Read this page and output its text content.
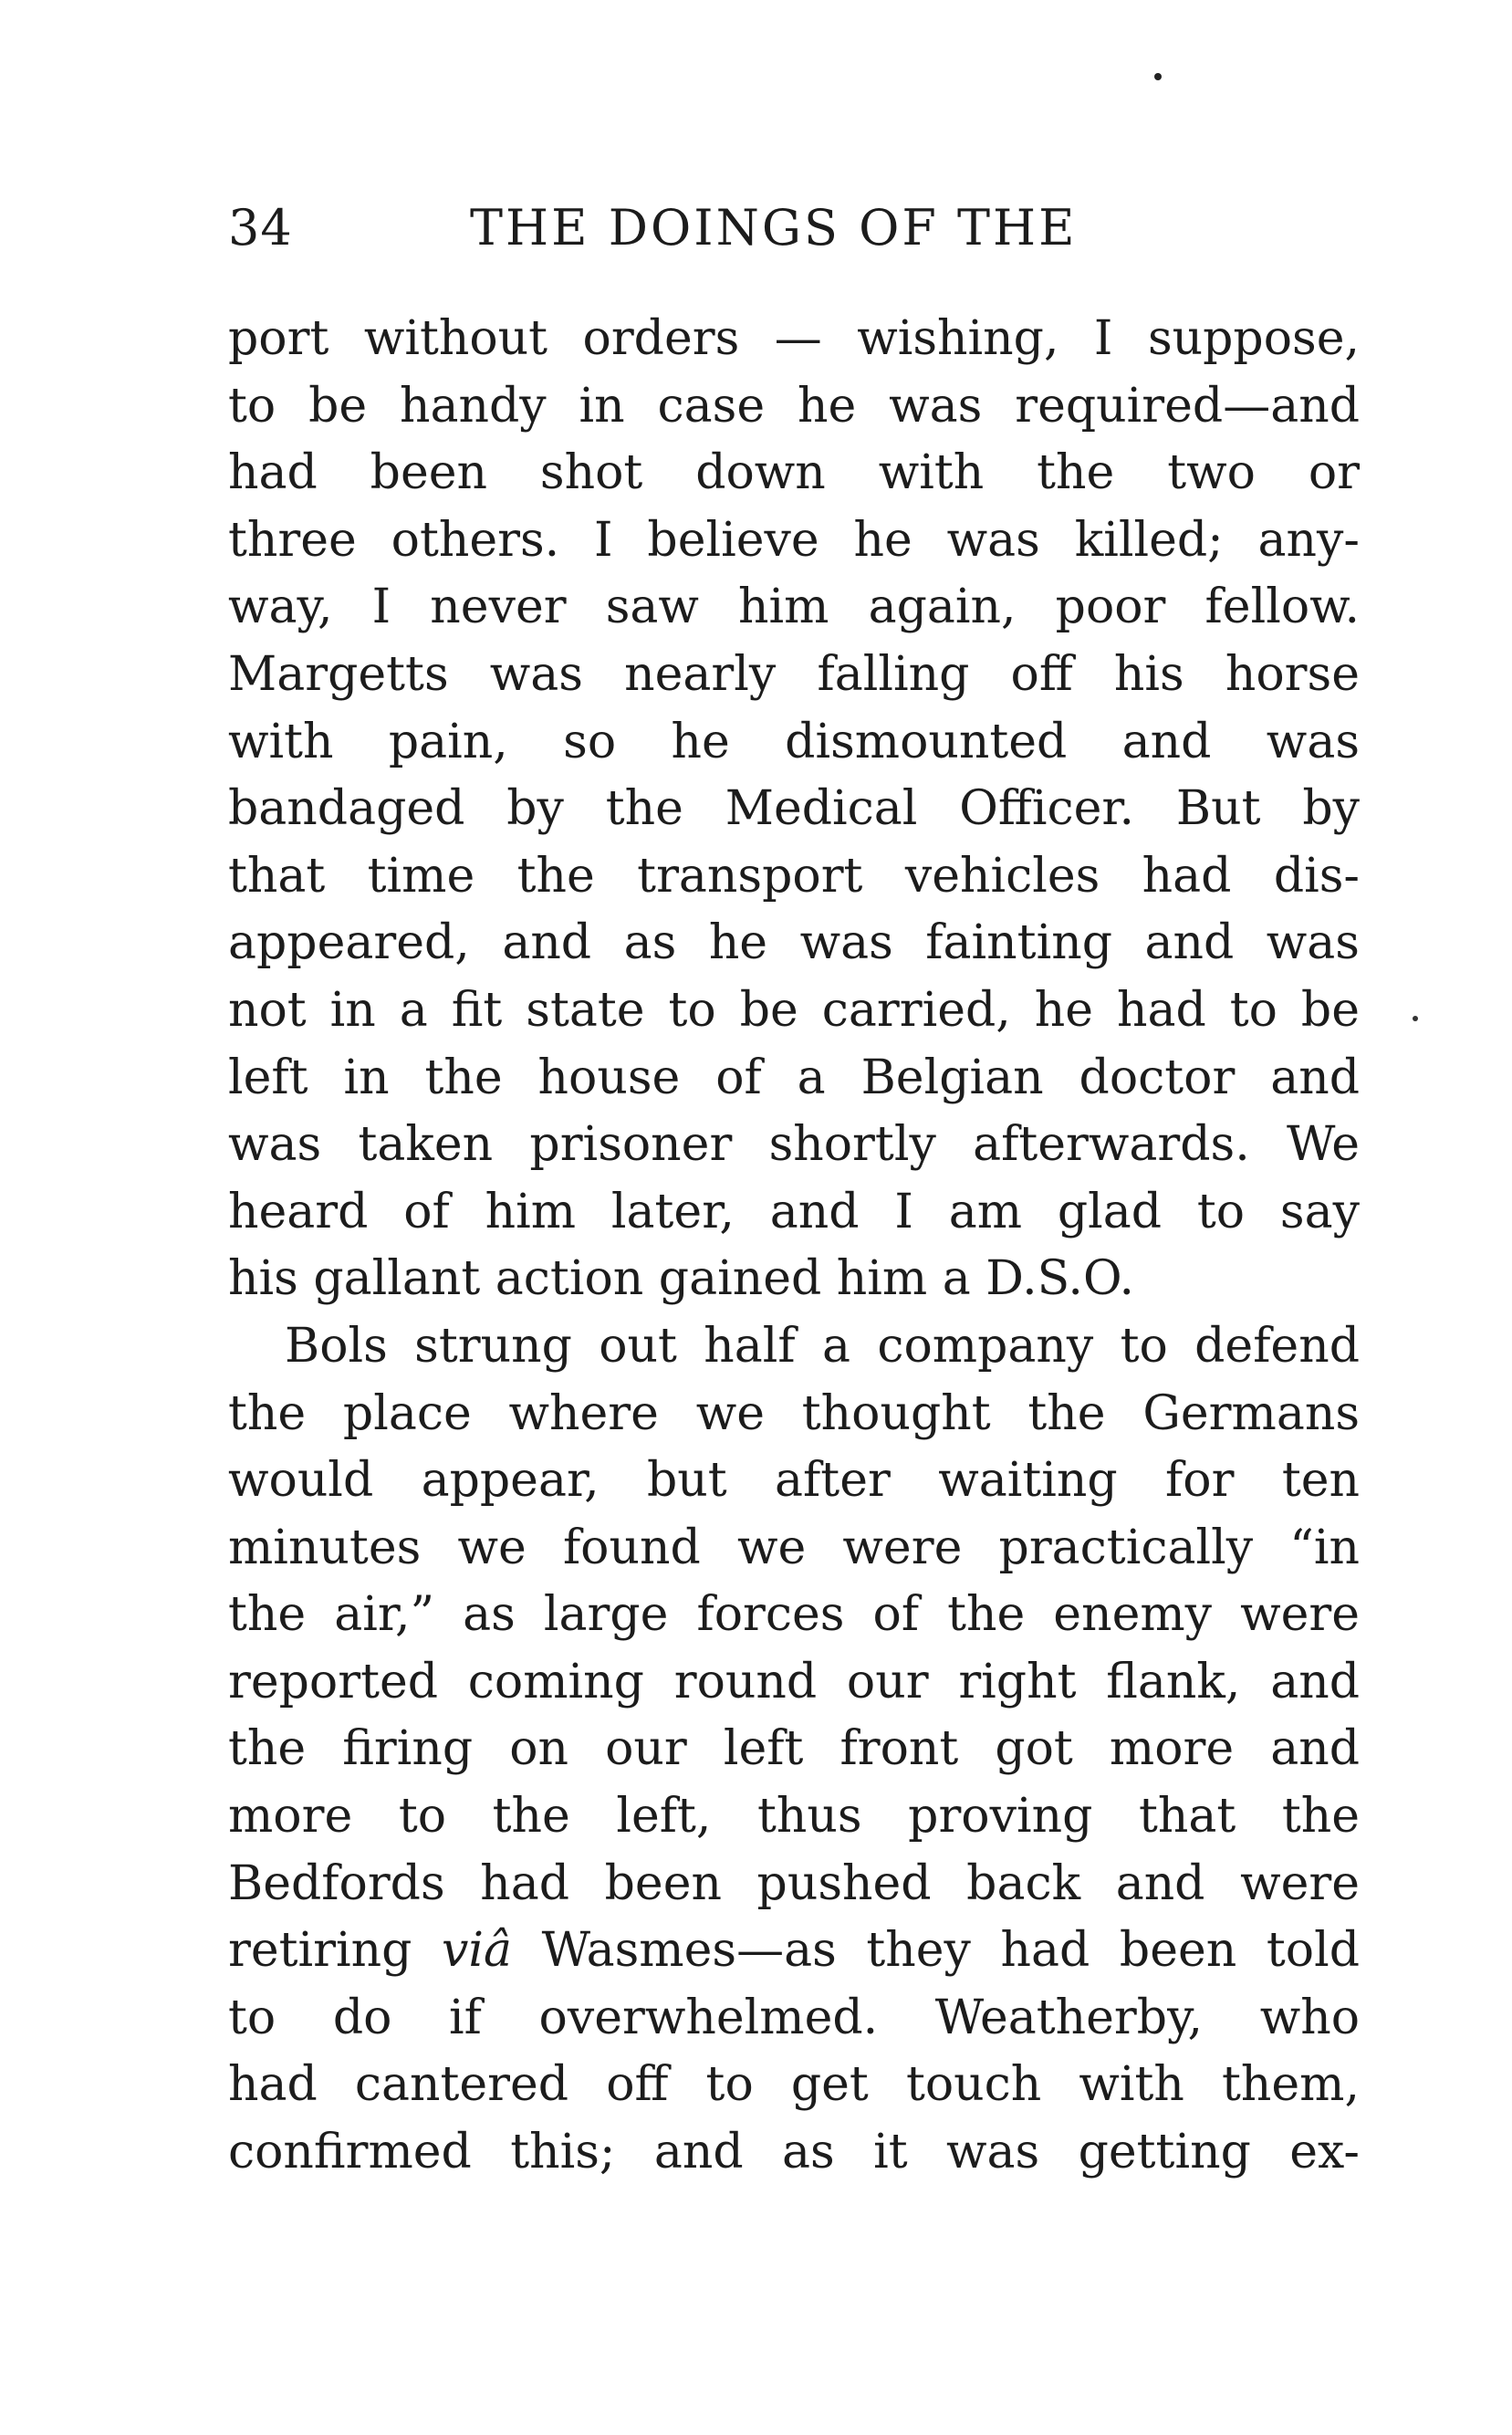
34	THE DOINGS OF THE
port without orders — wishing, I suppose,
to be handy in case he was required—and
had been shot down with the two or
three others. I believe he was killed; any-
way, I never saw him again, poor fellow.
Margetts was nearly falling off his horse
with pain, so he dismounted and was
bandaged by the Medical Officer. But by
that time the transport vehicles had dis-
appeared, and as he was fainting and was
not in a fit state to be carried, he had to be
left in the house of a Belgian doctor and
was taken prisoner shortly afterwards. We
heard of him later, and I am glad to say
his gallant action gained him a D.S.O.
Bols strung out half a company to defend
the place where we thought the Germans
would appear, but after waiting for ten
minutes we found we were practically “in
the air,” as large forces of the enemy were
reported coming round our right flank, and
the firing on our left front got more and
more to the left, thus proving that the
Bedfords had been pushed back and were
retiring viâ Wasmes—as they had been told
to do if overwhelmed. Weatherby, who
had cantered off to get touch with them,
confirmed this; and as it was getting ex-
